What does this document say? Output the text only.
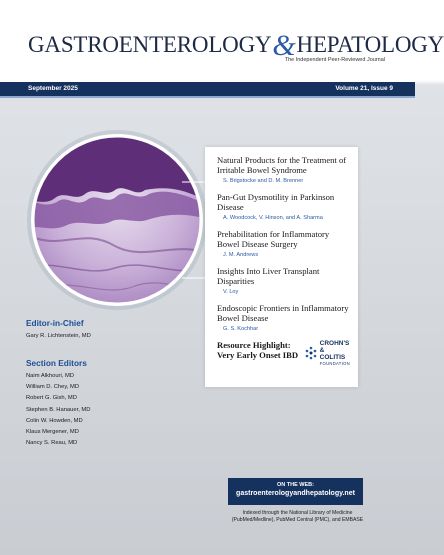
GASTROENTEROLOGY&HEPATOLOGY
The Independent Peer-Reviewed Journal
September 2025	Volume 21, Issue 9
Natural Products for the Treatment of Irritable Bowel Syndrome
S. Brigstocke and D. M. Brenner
Pan-Gut Dysmotility in Parkinson Disease
A. Woodcock, V. Hinson, and A. Sharma
Prehabilitation for Inflammatory Bowel Disease Surgery
J. M. Andrews
Insights Into Liver Transplant Disparities
V. Loy
Endoscopic Frontiers in Inflammatory Bowel Disease
G. S. Kochhar
Resource Highlight: Very Early Onset IBD
CROHN'S
& COLITIS
FOUNDATION
Editor-in-Chief
Gary R. Lichtenstein, MD
Section Editors
Naim Alkhouri, MD
William D. Chey, MD
Robert G. Gish, MD
Stephen B. Hanauer, MD
Colin W. Howden, MD
Klaus Mergener, MD
Nancy S. Reau, MD
ON THE WEB:
gastroenterologyandhepatology.net
Indexed through the National Library of Medicine
(PubMed/Medline), PubMed Central (PMC), and EMBASE
